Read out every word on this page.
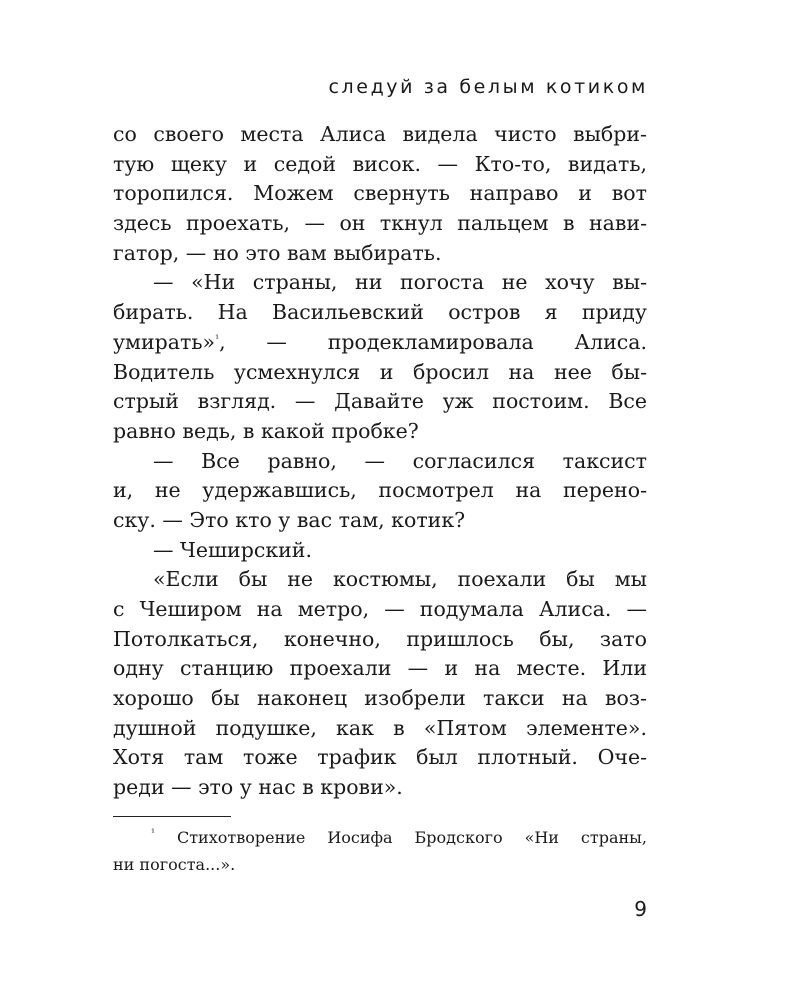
следуй за белым котиком
со своего места Алиса видела чисто выбри-
тую щеку и седой висок. — Кто-то, видать,
торопился. Можем свернуть направо и вот
здесь проехать, — он ткнул пальцем в нави-
гатор, — но это вам выбирать.
— «Ни страны, ни погоста не хочу вы-
бирать. На Васильевский остров я приду
умирать»$^{^1}$, — продекламировала Алиса.
Водитель усмехнулся и бросил на нее бы-
стрый взгляд. — Давайте уж постоим. Все
равно ведь, в какой пробке?
— Все равно, — согласился таксист
и, не удержавшись, посмотрел на перено-
ску. — Это кто у вас там, котик?
— Чеширский.
«Если бы не костюмы, поехали бы мы
с Чеширом на метро, — подумала Алиса. —
Потолкаться, конечно, пришлось бы, зато
одну станцию проехали — и на месте. Или
хорошо бы наконец изобрели такси на воз-
душной подушке, как в «Пятом элементе».
Хотя там тоже трафик был плотный. Оче-
реди — это у нас в крови».
$^{^1}$ Стихотворение Иосифа Бродского «Ни страны,
ни погоста...».
9
